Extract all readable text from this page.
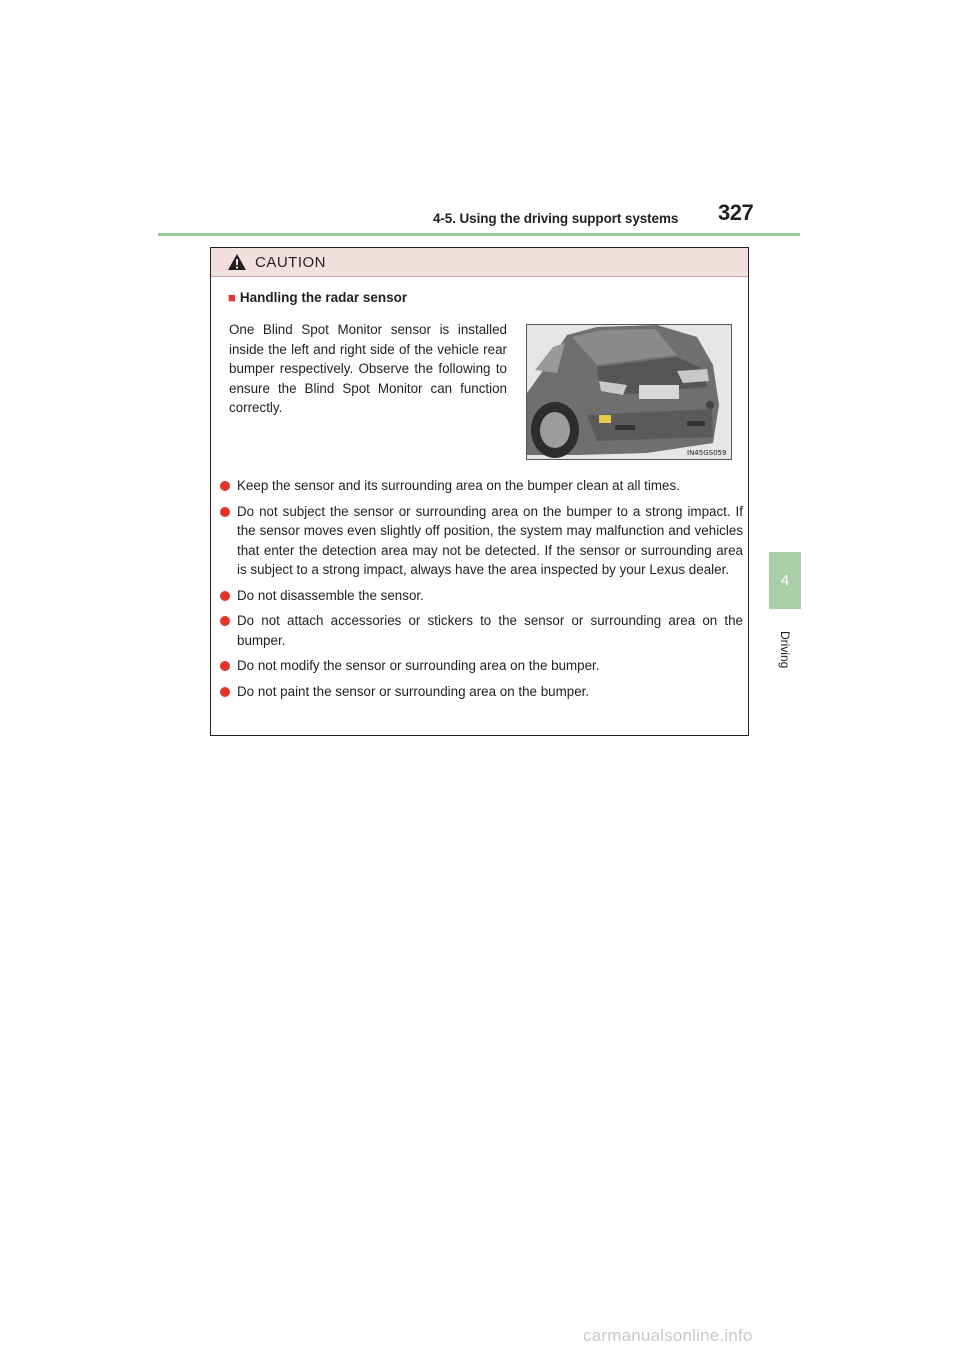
4-5. Using the driving support systems 327
4
Driving
CAUTION
■ Handling the radar sensor
One Blind Spot Monitor sensor is installed inside the left and right side of the vehicle rear bumper respectively. Observe the following to ensure the Blind Spot Monitor can function correctly.
IN45GS059
Keep the sensor and its surrounding area on the bumper clean at all times.
Do not subject the sensor or surrounding area on the bumper to a strong impact. If the sensor moves even slightly off position, the system may malfunction and vehicles that enter the detection area may not be detected. If the sensor or surrounding area is subject to a strong impact, always have the area inspected by your Lexus dealer.
Do not disassemble the sensor.
Do not attach accessories or stickers to the sensor or surrounding area on the bumper.
Do not modify the sensor or surrounding area on the bumper.
Do not paint the sensor or surrounding area on the bumper.
carmanualsonline.info
